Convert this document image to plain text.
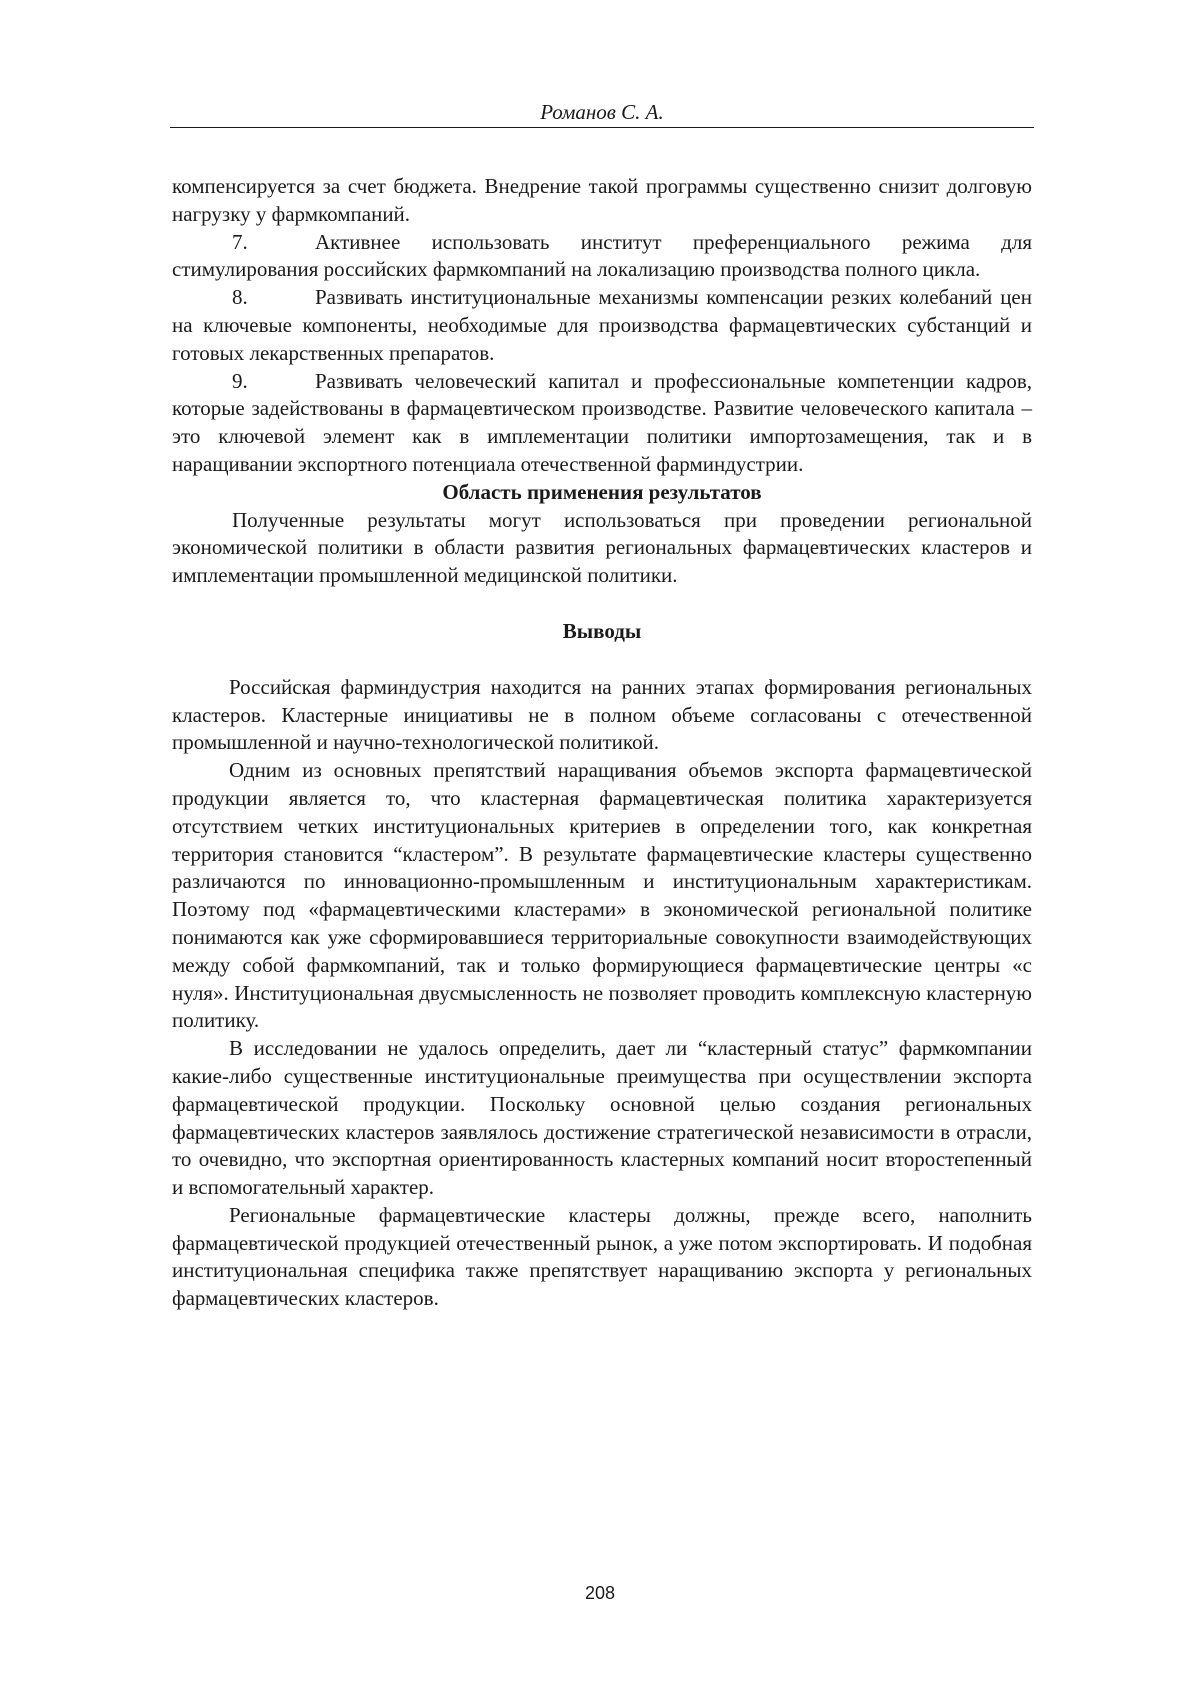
Романов С. А.

компенсируется за счет бюджета. Внедрение такой программы существенно снизит долговую нагрузку у фармкомпаний.

7.	Активнее использовать институт преференциального режима для стимулирования российских фармкомпаний на локализацию производства полного цикла.

8.	Развивать институциональные механизмы компенсации резких колебаний цен на ключевые компоненты, необходимые для производства фармацевтических субстанций и готовых лекарственных препаратов.

9.	Развивать человеческий капитал и профессиональные компетенции кадров, которые задействованы в фармацевтическом производстве. Развитие человеческого капитала – это ключевой элемент как в имплементации политики импортозамещения, так и в наращивании экспортного потенциала отечественной фарминдустрии.

Область применения результатов

Полученные результаты могут использоваться при проведении региональной экономической политики в области развития региональных фармацевтических кластеров и имплементации промышленной медицинской политики.

Выводы

Российская фарминдустрия находится на ранних этапах формирования региональных кластеров. Кластерные инициативы не в полном объеме согласованы с отечественной промышленной и научно-технологической политикой.

Одним из основных препятствий наращивания объемов экспорта фармацевтической продукции является то, что кластерная фармацевтическая политика характеризуется отсутствием четких институциональных критериев в определении того, как конкретная территория становится “кластером”. В результате фармацевтические кластеры существенно различаются по инновационно-промышленным и институциональным характеристикам. Поэтому под «фармацевтическими кластерами» в экономической региональной политике понимаются как уже сформировавшиеся территориальные совокупности взаимодействующих между собой фармкомпаний, так и только формирующиеся фармацевтические центры «с нуля». Институциональная двусмысленность не позволяет проводить комплексную кластерную политику.

В исследовании не удалось определить, дает ли “кластерный статус” фармкомпании какие-либо существенные институциональные преимущества при осуществлении экспорта фармацевтической продукции. Поскольку основной целью создания региональных фармацевтических кластеров заявлялось достижение стратегической независимости в отрасли, то очевидно, что экспортная ориентированность кластерных компаний носит второстепенный и вспомогательный характер.

Региональные фармацевтические кластеры должны, прежде всего, наполнить фармацевтической продукцией отечественный рынок, а уже потом экспортировать. И подобная институциональная специфика также препятствует наращиванию экспорта у региональных фармацевтических кластеров.

208
